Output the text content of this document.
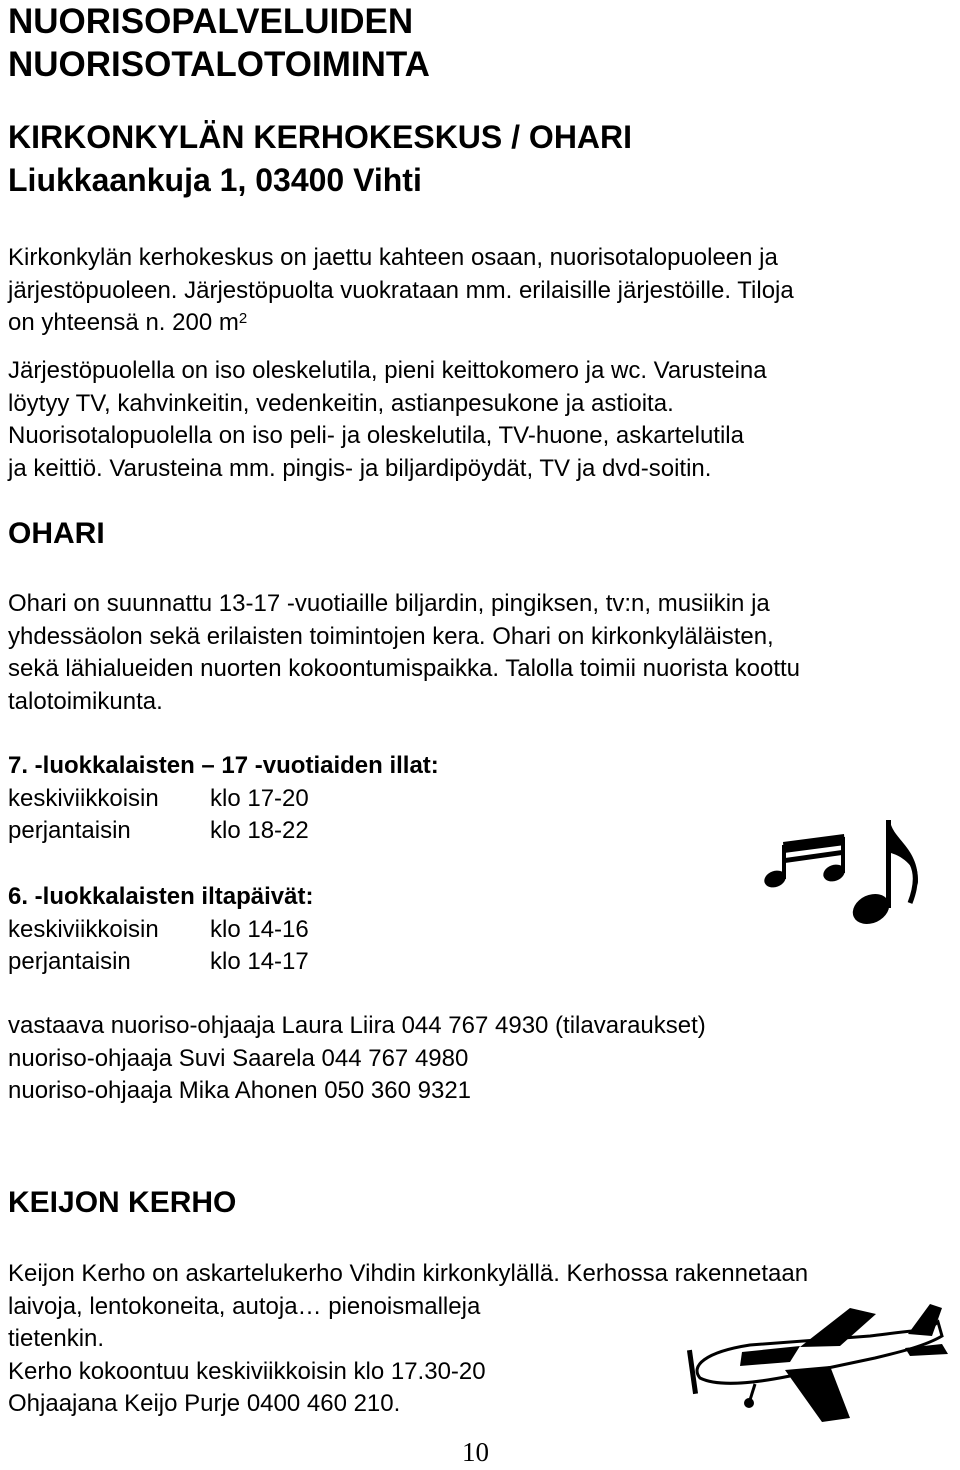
NUORISOPALVELUIDEN
NUORISOTALOTOIMINTA
KIRKONKYLÄN KERHOKESKUS / OHARI
Liukkaankuja 1, 03400 Vihti
Kirkonkylän kerhokeskus on jaettu kahteen osaan, nuorisotalopuoleen ja
järjestöpuoleen. Järjestöpuolta vuokrataan mm. erilaisille järjestöille. Tiloja
on yhteensä n. 200 $m^2$
Järjestöpuolella on iso oleskelutila, pieni keittokomero ja wc. Varusteina
löytyy TV, kahvinkeitin, vedenkeitin, astianpesukone ja astioita.
Nuorisotalopuolella on iso peli- ja oleskelutila, TV-huone, askartelutila
ja keittiö. Varusteina mm. pingis- ja biljardipöydät, TV ja dvd-soitin.
OHARI
Ohari on suunnattu 13-17 -vuotiaille biljardin, pingiksen, tv:n, musiikin ja
yhdessäolon sekä erilaisten toimintojen kera. Ohari on kirkonkyläläisten,
sekä lähialueiden nuorten kokoontumispaikka. Talolla toimii nuorista koottu
talotoimikunta.
7. -luokkalaisten – 17 -vuotiaiden illat:
keskiviikkoisin	klo 17-20
perjantaisin	klo 18-22
6. -luokkalaisten iltapäivät:
keskiviikkoisin	klo 14-16
perjantaisin	klo 14-17
vastaava nuoriso-ohjaaja Laura Liira 044 767 4930 (tilavaraukset)
nuoriso-ohjaaja Suvi Saarela 044 767 4980
nuoriso-ohjaaja Mika Ahonen 050 360 9321
KEIJON KERHO
Keijon Kerho on askartelukerho Vihdin kirkonkylällä. Kerhossa rakennetaan
laivoja, lentokoneita, autoja… pienoismalleja
tietenkin.
Kerho kokoontuu keskiviikkoisin klo 17.30-20
Ohjaajana Keijo Purje 0400 460 210.
10
